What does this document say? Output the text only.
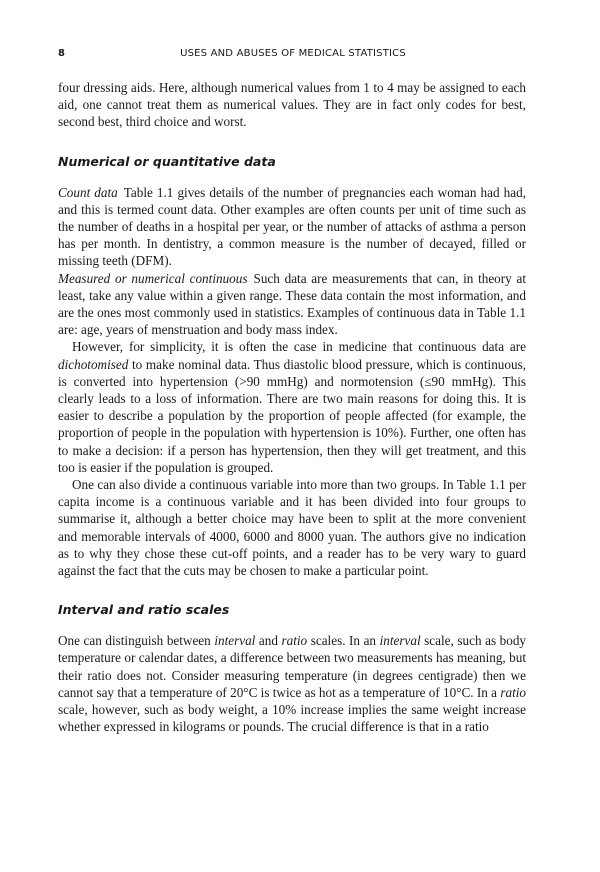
8	USES AND ABUSES OF MEDICAL STATISTICS

four dressing aids. Here, although numerical values from 1 to 4 may be assigned to each aid, one cannot treat them as numerical values. They are in fact only codes for best, second best, third choice and worst.

Numerical or quantitative data

Count data Table 1.1 gives details of the number of pregnancies each woman had had, and this is termed count data. Other examples are often counts per unit of time such as the number of deaths in a hospital per year, or the number of attacks of asthma a person has per month. In dentistry, a common measure is the number of decayed, filled or missing teeth (DFM).

Measured or numerical continuous Such data are measurements that can, in theory at least, take any value within a given range. These data contain the most information, and are the ones most commonly used in statistics. Examples of continuous data in Table 1.1 are: age, years of menstruation and body mass index.

However, for simplicity, it is often the case in medicine that continuous data are dichotomised to make nominal data. Thus diastolic blood pressure, which is continuous, is converted into hypertension (>90 mmHg) and normotension (≤90 mmHg). This clearly leads to a loss of information. There are two main reasons for doing this. It is easier to describe a population by the proportion of people affected (for example, the proportion of people in the population with hypertension is 10%). Further, one often has to make a decision: if a person has hypertension, then they will get treatment, and this too is easier if the population is grouped.

One can also divide a continuous variable into more than two groups. In Table 1.1 per capita income is a continuous variable and it has been divided into four groups to summarise it, although a better choice may have been to split at the more convenient and memorable intervals of 4000, 6000 and 8000 yuan. The authors give no indication as to why they chose these cut-off points, and a reader has to be very wary to guard against the fact that the cuts may be chosen to make a particular point.

Interval and ratio scales

One can distinguish between interval and ratio scales. In an interval scale, such as body temperature or calendar dates, a difference between two measurements has meaning, but their ratio does not. Consider measuring temperature (in degrees centigrade) then we cannot say that a temperature of 20°C is twice as hot as a temperature of 10°C. In a ratio scale, however, such as body weight, a 10% increase implies the same weight increase whether expressed in kilograms or pounds. The crucial difference is that in a ratio
